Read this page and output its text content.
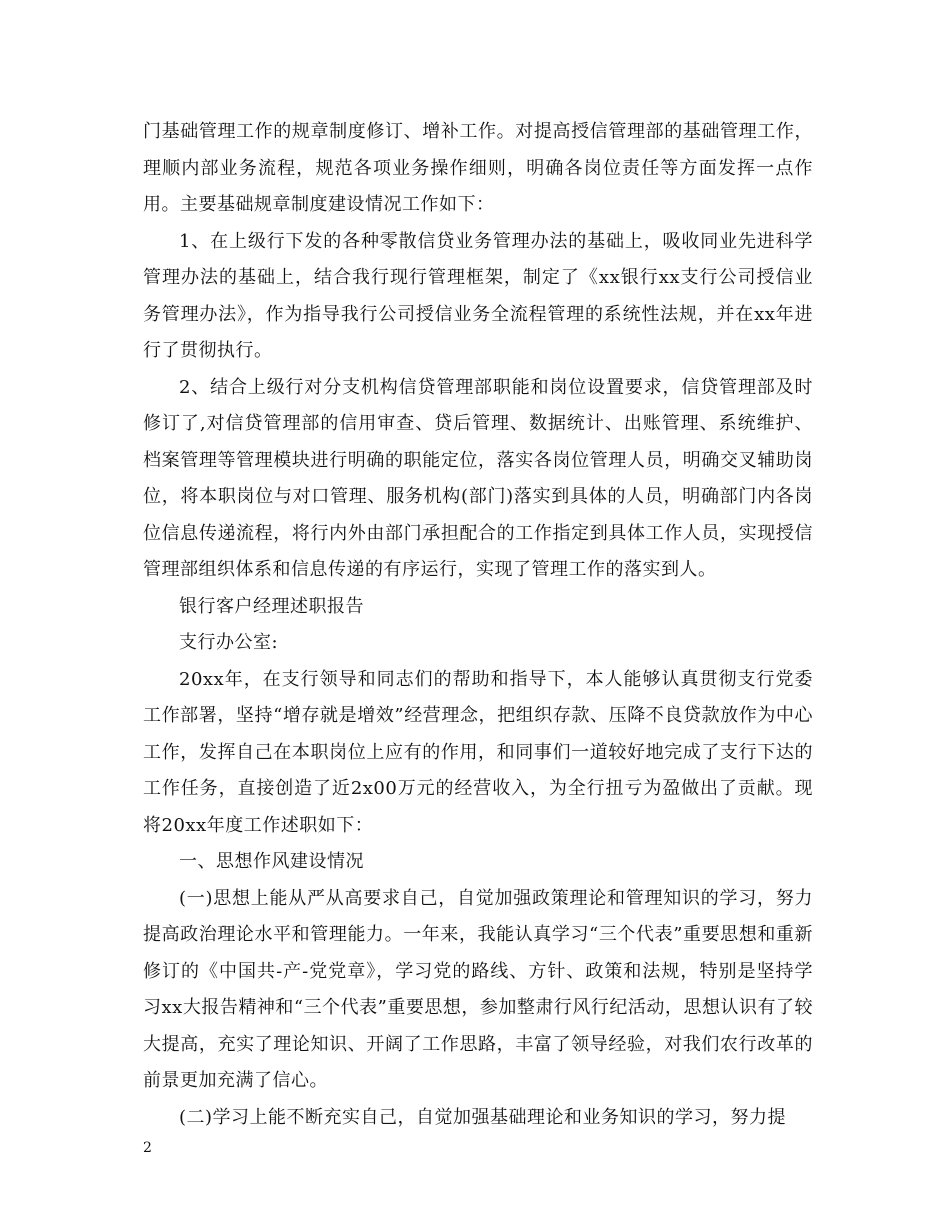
门基础管理工作的规章制度修订、增补工作。对提高授信管理部的基础管理工作，理顺内部业务流程，规范各项业务操作细则，明确各岗位责任等方面发挥一点作用。主要基础规章制度建设情况工作如下：

1、在上级行下发的各种零散信贷业务管理办法的基础上，吸收同业先进科学管理办法的基础上，结合我行现行管理框架，制定了《xx银行xx支行公司授信业务管理办法》，作为指导我行公司授信业务全流程管理的系统性法规，并在xx年进行了贯彻执行。

2、结合上级行对分支机构信贷管理部职能和岗位设置要求，信贷管理部及时修订了,对信贷管理部的信用审查、贷后管理、数据统计、出账管理、系统维护、档案管理等管理模块进行明确的职能定位，落实各岗位管理人员，明确交叉辅助岗位，将本职岗位与对口管理、服务机构(部门)落实到具体的人员，明确部门内各岗位信息传递流程，将行内外由部门承担配合的工作指定到具体工作人员，实现授信管理部组织体系和信息传递的有序运行，实现了管理工作的落实到人。

银行客户经理述职报告

支行办公室:

20xx年，在支行领导和同志们的帮助和指导下，本人能够认真贯彻支行党委工作部署，坚持“增存就是增效”经营理念，把组织存款、压降不良贷款放作为中心工作，发挥自己在本职岗位上应有的作用，和同事们一道较好地完成了支行下达的工作任务，直接创造了近2x00万元的经营收入，为全行扭亏为盈做出了贡献。现将20xx年度工作述职如下：

一、思想作风建设情况

(一)思想上能从严从高要求自己，自觉加强政策理论和管理知识的学习，努力提高政治理论水平和管理能力。一年来，我能认真学习“三个代表”重要思想和重新修订的《中国共-产-党党章》，学习党的路线、方针、政策和法规，特别是坚持学习xx大报告精神和“三个代表”重要思想，参加整肃行风行纪活动，思想认识有了较大提高，充实了理论知识、开阔了工作思路，丰富了领导经验，对我们农行改革的前景更加充满了信心。

(二)学习上能不断充实自己，自觉加强基础理论和业务知识的学习，努力提

2
